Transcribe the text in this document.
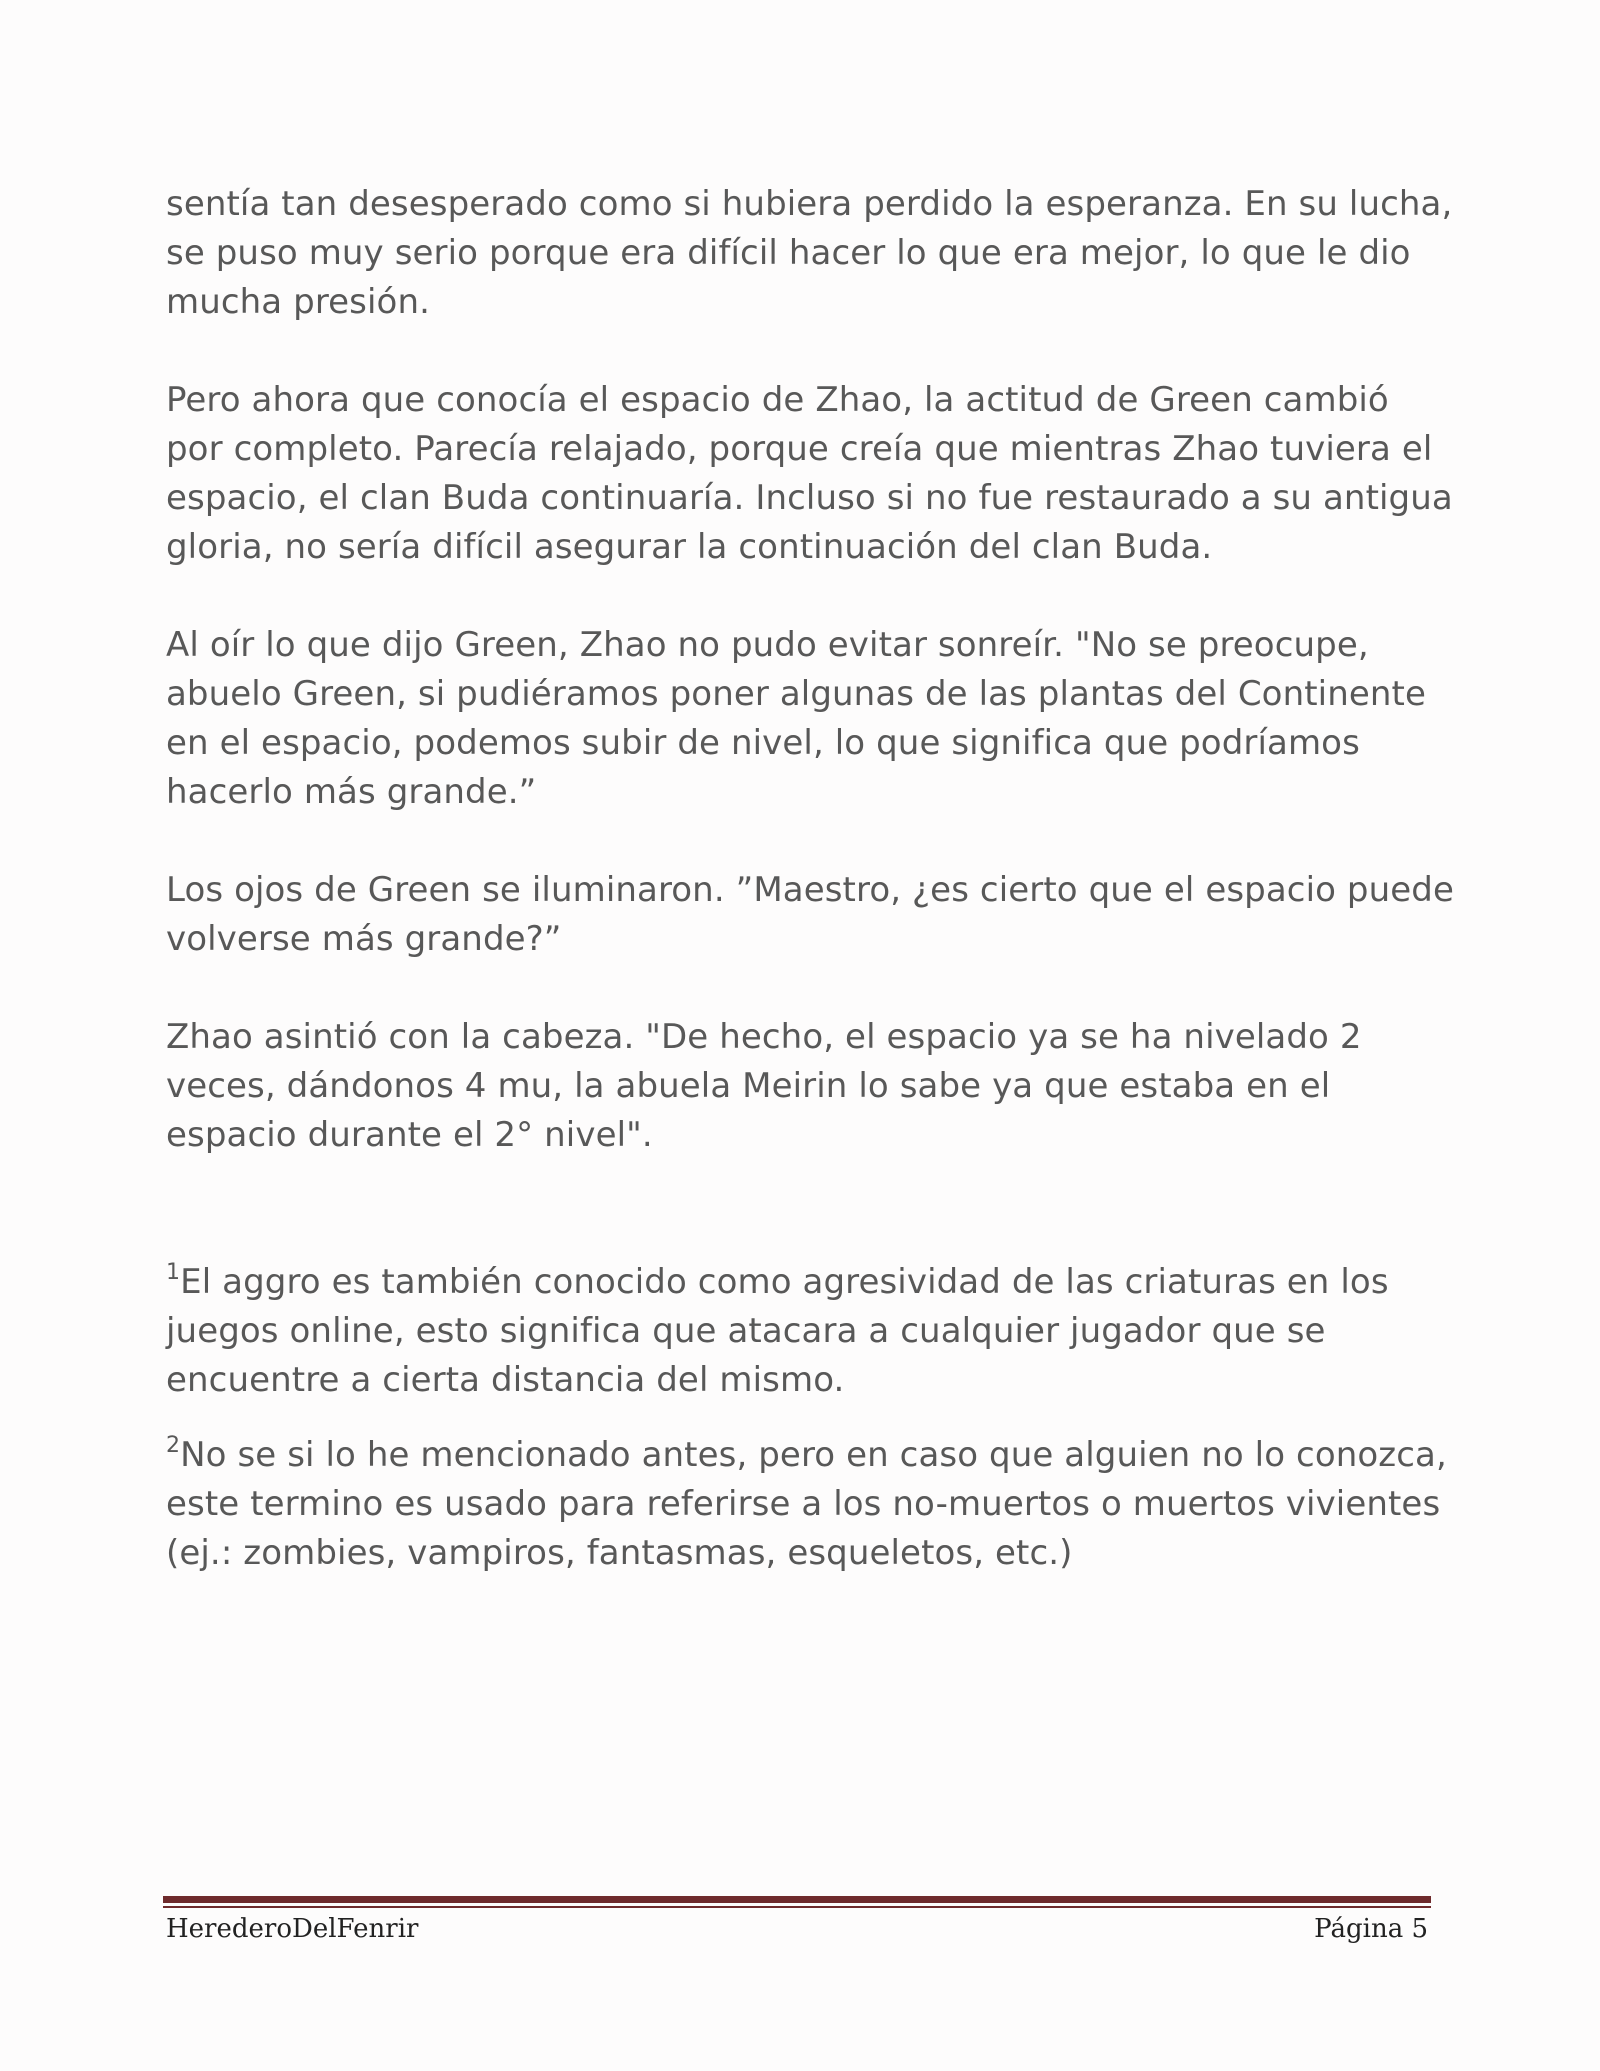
sentía tan desesperado como si hubiera perdido la esperanza. En su lucha, se puso muy serio porque era difícil hacer lo que era mejor, lo que le dio mucha presión.

Pero ahora que conocía el espacio de Zhao, la actitud de Green cambió por completo. Parecía relajado, porque creía que mientras Zhao tuviera el espacio, el clan Buda continuaría. Incluso si no fue restaurado a su antigua gloria, no sería difícil asegurar la continuación del clan Buda.

Al oír lo que dijo Green, Zhao no pudo evitar sonreír. "No se preocupe, abuelo Green, si pudiéramos poner algunas de las plantas del Continente en el espacio, podemos subir de nivel, lo que significa que podríamos hacerlo más grande.”

Los ojos de Green se iluminaron. ”Maestro, ¿es cierto que el espacio puede volverse más grande?”

Zhao asintió con la cabeza. "De hecho, el espacio ya se ha nivelado 2 veces, dándonos 4 mu, la abuela Meirin lo sabe ya que estaba en el espacio durante el 2° nivel".

$^1$El aggro es también conocido como agresividad de las criaturas en los juegos online, esto significa que atacara a cualquier jugador que se encuentre a cierta distancia del mismo.

$^2$No se si lo he mencionado antes, pero en caso que alguien no lo conozca, este termino es usado para referirse a los no-muertos o muertos vivientes (ej.: zombies, vampiros, fantasmas, esqueletos, etc.)

HerederoDelFenrir	Página 5
